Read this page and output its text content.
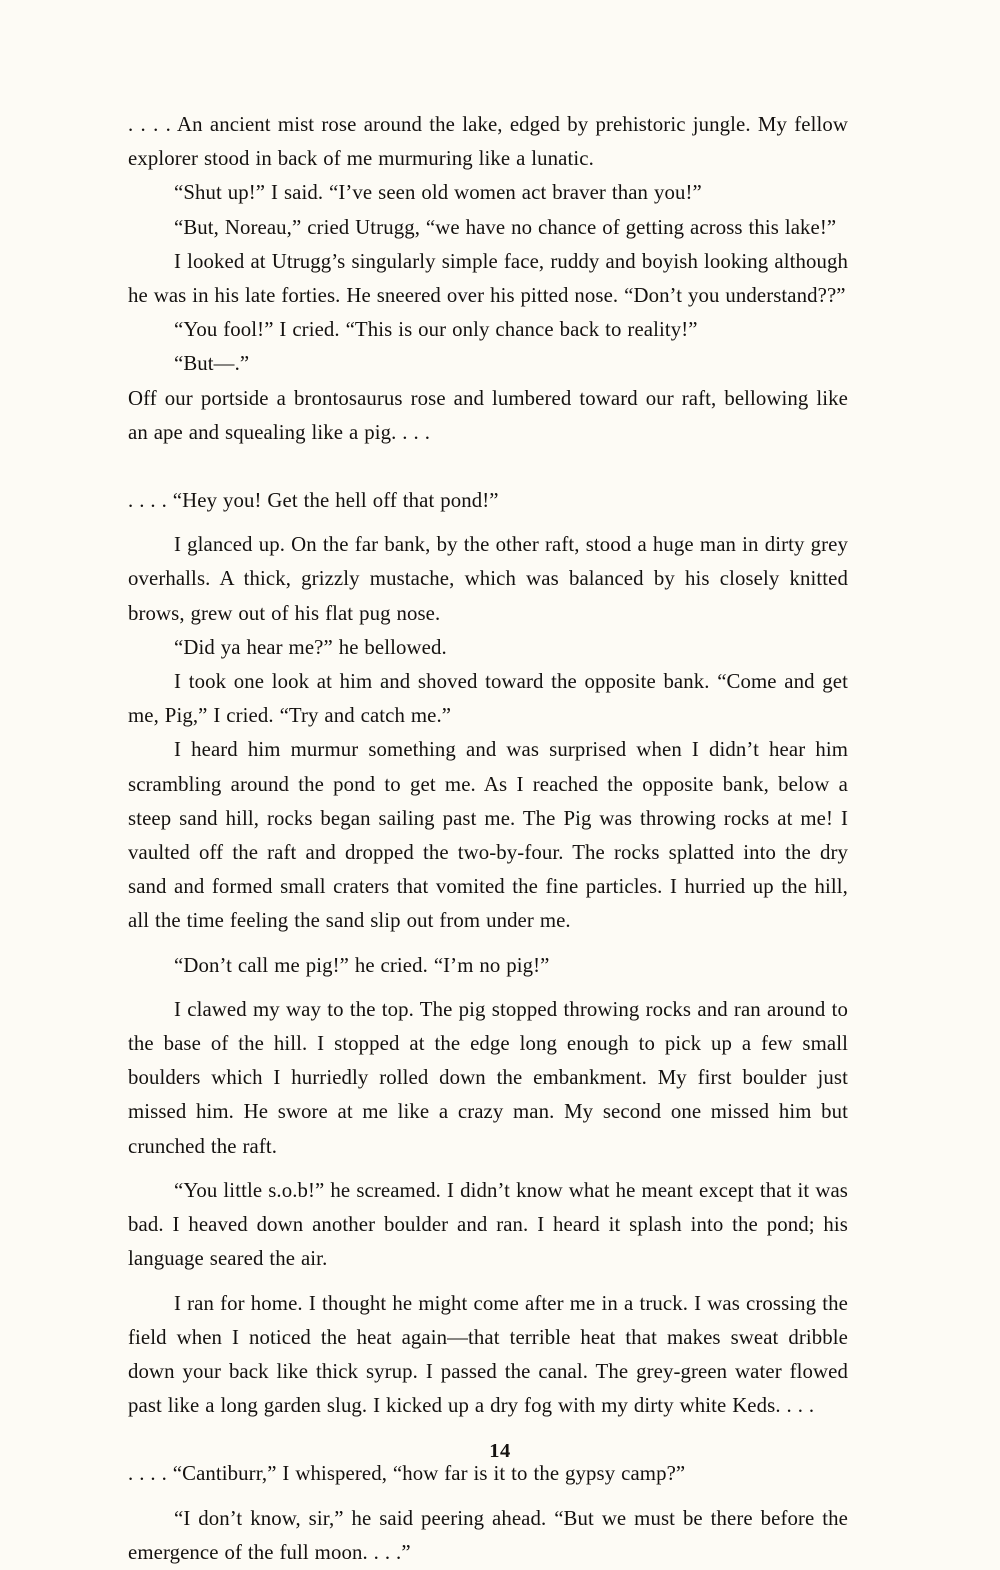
. . . . An ancient mist rose around the lake, edged by prehistoric jungle. My fellow explorer stood in back of me murmuring like a lunatic.

“Shut up!” I said. “I’ve seen old women act braver than you!”

“But, Noreau,” cried Utrugg, “we have no chance of getting across this lake!”

I looked at Utrugg’s singularly simple face, ruddy and boyish looking although he was in his late forties. He sneered over his pitted nose. “Don’t you understand??”

“You fool!” I cried. “This is our only chance back to reality!”

“But—.”

Off our portside a brontosaurus rose and lumbered toward our raft, bellowing like an ape and squealing like a pig. . . .

. . . . “Hey you! Get the hell off that pond!”

I glanced up. On the far bank, by the other raft, stood a huge man in dirty grey overhalls. A thick, grizzly mustache, which was balanced by his closely knitted brows, grew out of his flat pug nose.

“Did ya hear me?” he bellowed.

I took one look at him and shoved toward the opposite bank. “Come and get me, Pig,” I cried. “Try and catch me.”

I heard him murmur something and was surprised when I didn’t hear him scrambling around the pond to get me. As I reached the opposite bank, below a steep sand hill, rocks began sailing past me. The Pig was throwing rocks at me! I vaulted off the raft and dropped the two-by-four. The rocks splatted into the dry sand and formed small craters that vomited the fine particles. I hurried up the hill, all the time feeling the sand slip out from under me.

“Don’t call me pig!” he cried. “I’m no pig!”

I clawed my way to the top. The pig stopped throwing rocks and ran around to the base of the hill. I stopped at the edge long enough to pick up a few small boulders which I hurriedly rolled down the embankment. My first boulder just missed him. He swore at me like a crazy man. My second one missed him but crunched the raft.

“You little s.o.b!” he screamed. I didn’t know what he meant except that it was bad. I heaved down another boulder and ran. I heard it splash into the pond; his language seared the air.

I ran for home. I thought he might come after me in a truck. I was crossing the field when I noticed the heat again—that terrible heat that makes sweat dribble down your back like thick syrup. I passed the canal. The grey-green water flowed past like a long garden slug. I kicked up a dry fog with my dirty white Keds. . . .

. . . . “Cantiburr,” I whispered, “how far is it to the gypsy camp?”

“I don’t know, sir,” he said peering ahead. “But we must be there before the emergence of the full moon. . . .”

14
